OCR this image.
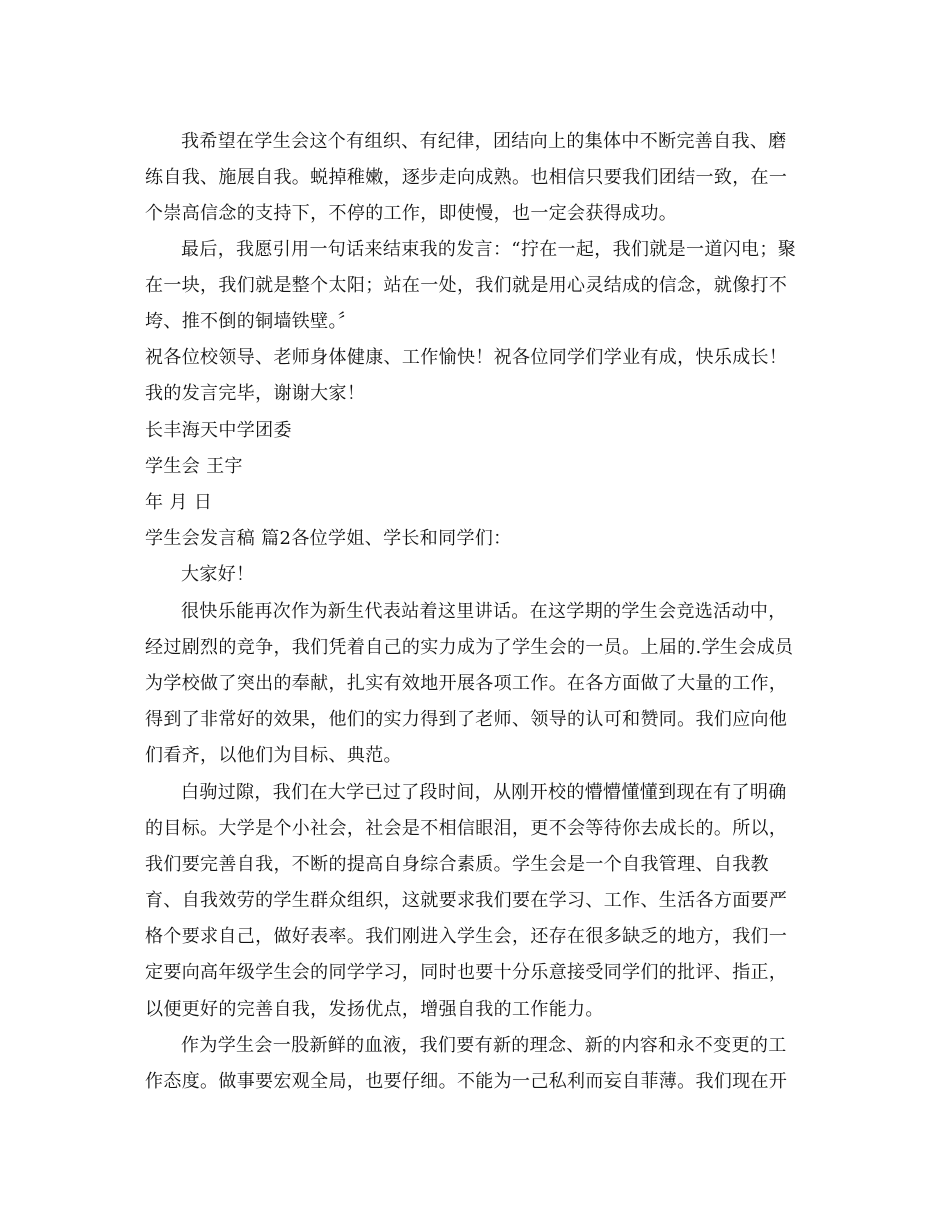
我希望在学生会这个有组织、有纪律，团结向上的集体中不断完善自我、磨
练自我、施展自我。蜕掉稚嫩，逐步走向成熟。也相信只要我们团结一致，在一
个崇高信念的支持下，不停的工作，即使慢，也一定会获得成功。
最后，我愿引用一句话来结束我的发言：“拧在一起，我们就是一道闪电；聚
在一块，我们就是整个太阳；站在一处，我们就是用心灵结成的信念，就像打不
垮、推不倒的铜墙铁壁。〞
祝各位校领导、老师身体健康、工作愉快！祝各位同学们学业有成，快乐成长！
我的发言完毕，谢谢大家！
长丰海天中学团委
学生会 王宇
年 月 日
学生会发言稿 篇2各位学姐、学长和同学们：
大家好！
很快乐能再次作为新生代表站着这里讲话。在这学期的学生会竞选活动中，
经过剧烈的竞争，我们凭着自己的实力成为了学生会的一员。上届的.学生会成员
为学校做了突出的奉献，扎实有效地开展各项工作。在各方面做了大量的工作，
得到了非常好的效果，他们的实力得到了老师、领导的认可和赞同。我们应向他
们看齐，以他们为目标、典范。
白驹过隙，我们在大学已过了段时间，从刚开校的懵懵懂懂到现在有了明确
的目标。大学是个小社会，社会是不相信眼泪，更不会等待你去成长的。所以，
我们要完善自我，不断的提高自身综合素质。学生会是一个自我管理、自我教
育、自我效劳的学生群众组织，这就要求我们要在学习、工作、生活各方面要严
格个要求自己，做好表率。我们刚进入学生会，还存在很多缺乏的地方，我们一
定要向高年级学生会的同学学习，同时也要十分乐意接受同学们的批评、指正，
以便更好的完善自我，发扬优点，增强自我的工作能力。
作为学生会一股新鲜的血液，我们要有新的理念、新的内容和永不变更的工
作态度。做事要宏观全局，也要仔细。不能为一己私利而妄自菲薄。我们现在开
